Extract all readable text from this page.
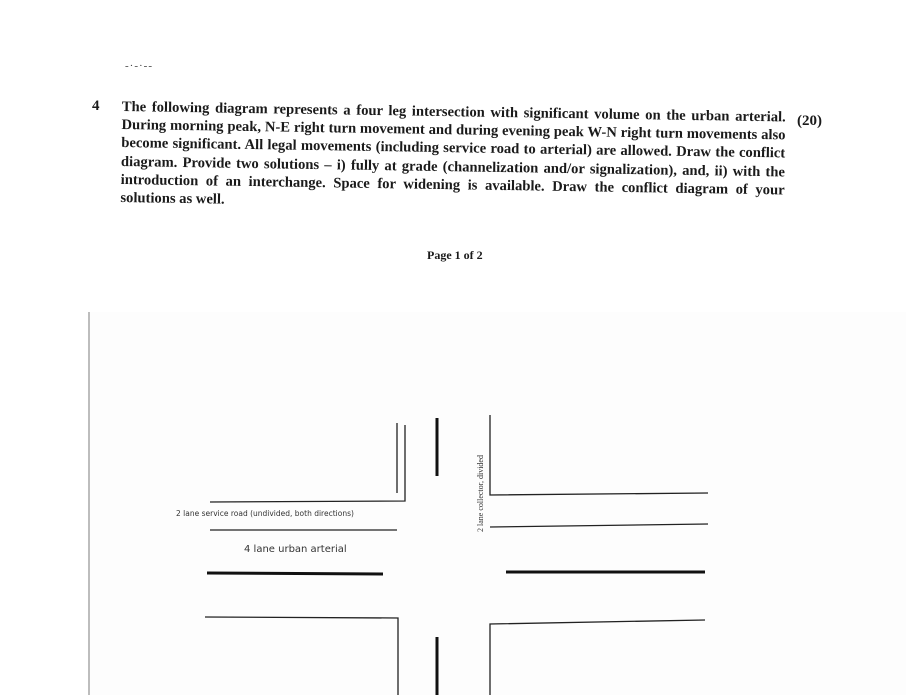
-·-·--
4 The following diagram represents a four leg intersection with significant volume on the urban arterial. During morning peak, N-E right turn movement and during evening peak W-N right turn movements also become significant. All legal movements (including service road to arterial) are allowed. Draw the conflict diagram. Provide two solutions – i) fully at grade (channelization and/or signalization), and, ii) with the introduction of an interchange. Space for widening is available. Draw the conflict diagram of your solutions as well.
(20)
Page 1 of 2
2 lane service road (undivided, both directions)
4 lane urban arterial
2 lane collector, divided
